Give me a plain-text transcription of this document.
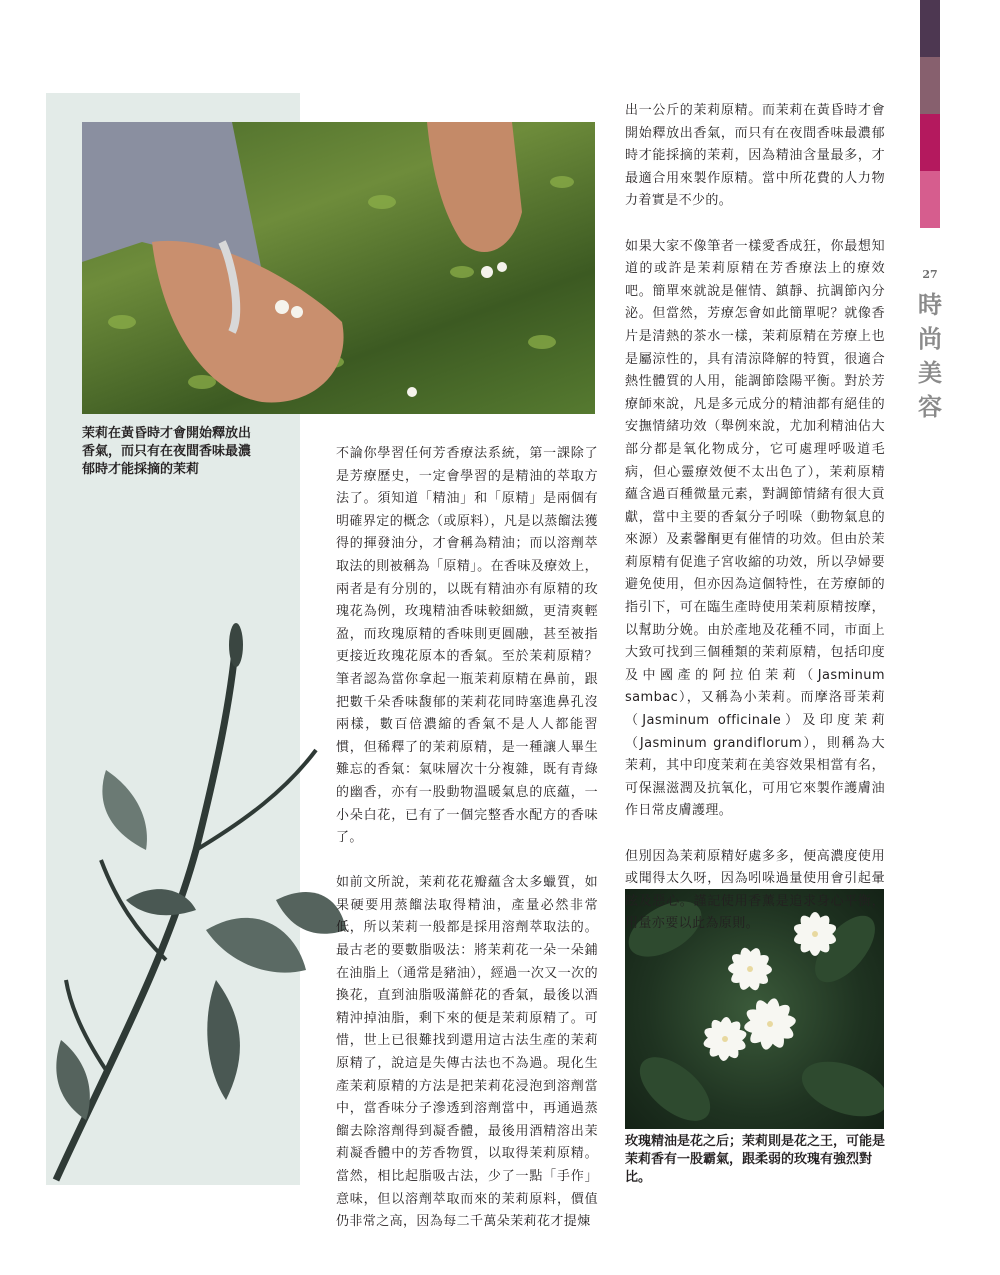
茉莉在黃昏時才會開始釋放出香氣，而只有在夜間香味最濃郁時才能採摘的茉莉

不論你學習任何芳香療法系統，第一課除了是芳療歷史，一定會學習的是精油的萃取方法了。須知道「精油」和「原精」是兩個有明確界定的概念（或原料），凡是以蒸餾法獲得的揮發油分，才會稱為精油；而以溶劑萃取法的則被稱為「原精」。在香味及療效上，兩者是有分別的，以既有精油亦有原精的玫瑰花為例，玫瑰精油香味較細緻，更清爽輕盈，而玫瑰原精的香味則更圓融，甚至被指更接近玫瑰花原本的香氣。至於茉莉原精？筆者認為當你拿起一瓶茉莉原精在鼻前，跟把數千朵香味馥郁的茉莉花同時塞進鼻孔沒兩樣，數百倍濃縮的香氣不是人人都能習慣，但稀釋了的茉莉原精，是一種讓人畢生難忘的香氣：氣味層次十分複雜，既有青綠的幽香，亦有一股動物溫暖氣息的底蘊，一小朵白花，已有了一個完整香水配方的香味了。

如前文所說，茉莉花花瓣蘊含太多蠟質，如果硬要用蒸餾法取得精油，產量必然非常低，所以茉莉一般都是採用溶劑萃取法的。最古老的要數脂吸法：將茉莉花一朵一朵鋪在油脂上（通常是豬油），經過一次又一次的換花，直到油脂吸滿鮮花的香氣，最後以酒精沖掉油脂，剩下來的便是茉莉原精了。可惜，世上已很難找到還用這古法生產的茉莉原精了，說這是失傳古法也不為過。現化生產茉莉原精的方法是把茉莉花浸泡到溶劑當中，當香味分子滲透到溶劑當中，再通過蒸餾去除溶劑得到凝香體，最後用酒精溶出茉莉凝香體中的芳香物質，以取得茉莉原精。當然，相比起脂吸古法，少了一點「手作」意味，但以溶劑萃取而來的茉莉原料，價值仍非常之高，因為每二千萬朵茉莉花才提煉

出一公斤的茉莉原精。而茉莉在黃昏時才會開始釋放出香氣，而只有在夜間香味最濃郁時才能採摘的茉莉，因為精油含量最多，才最適合用來製作原精。當中所花費的人力物力着實是不少的。

如果大家不像筆者一樣愛香成狂，你最想知道的或許是茉莉原精在芳香療法上的療效吧。簡單來就說是催情、鎮靜、抗調節內分泌。但當然，芳療怎會如此簡單呢？就像香片是清熱的茶水一樣，茉莉原精在芳療上也是屬涼性的，具有清涼降解的特質，很適合熱性體質的人用，能調節陰陽平衡。對於芳療師來說，凡是多元成分的精油都有絕佳的安撫情緒功效（舉例來說，尤加利精油佔大部分都是氧化物成分，它可處理呼吸道毛病，但心靈療效便不太出色了），茉莉原精蘊含過百種微量元素，對調節情緒有很大貢獻，當中主要的香氣分子吲哚（動物氣息的來源）及素馨酮更有催情的功效。但由於茉莉原精有促進子宮收縮的功效，所以孕婦要避免使用，但亦因為這個特性，在芳療師的指引下，可在臨生產時使用茉莉原精按摩，以幫助分娩。由於產地及花種不同，市面上大致可找到三個種類的茉莉原精，包括印度及中國產的阿拉伯茉莉（Jasminum sambac），又稱為小茉莉。而摩洛哥茉莉（Jasminum officinale）及印度茉莉（Jasminum grandiflorum），則稱為大茉莉，其中印度茉莉在美容效果相當有名，可保濕滋潤及抗氧化，可用它來製作護膚油作日常皮膚護理。

但別因為茉莉原精好處多多，便高濃度使用或聞得太久呀，因為吲哚過量使用會引起暈眩及惡心。謹記使用香薰是追求身心平衡，用量亦要以此為原則。

玫瑰精油是花之后；茉莉則是花之王，可能是茉莉香有一股霸氣，跟柔弱的玫瑰有強烈對比。
27
時
尚
美
容
